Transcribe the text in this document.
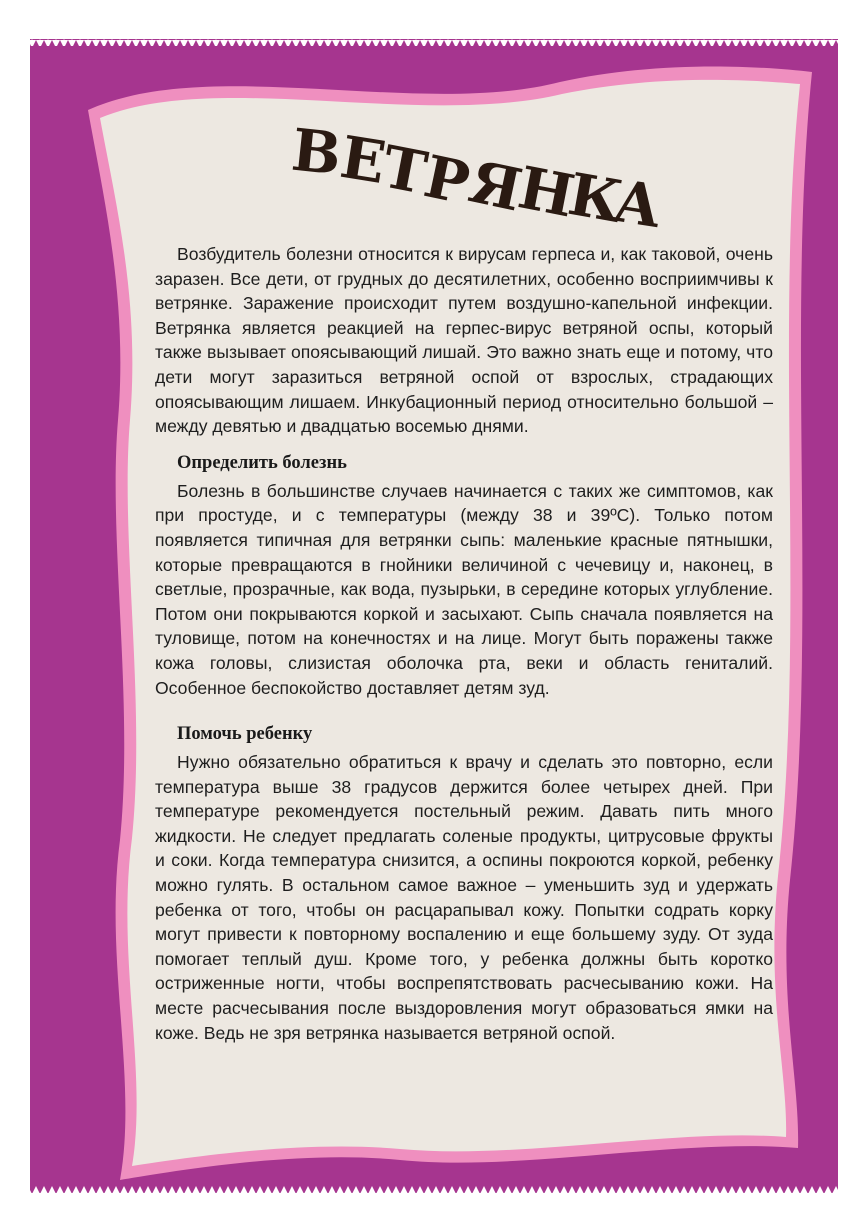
В
Е
Т
Р
Я
Н
К
А

Возбудитель болезни относится к вирусам герпеса и, как таковой, очень заразен. Все дети, от грудных до десятилетних, особенно восприимчивы к ветрянке. Заражение происходит путем воздушно-капельной инфекции. Ветрянка является реакцией на герпес-вирус ветряной оспы, который также вызывает опоясывающий лишай. Это важно знать еще и потому, что дети могут заразиться ветряной оспой от взрослых, страдающих опоясывающим лишаем. Инкубационный период относительно большой – между девятью и двадцатью восемью днями.

Определить болезнь

Болезнь в большинстве случаев начинается с таких же симптомов, как при простуде, и с температуры (между 38 и 39ºС). Только потом появляется типичная для ветрянки сыпь: маленькие красные пятнышки, которые превращаются в гнойники величиной с чечевицу и, наконец, в светлые, прозрачные, как вода, пузырьки, в середине которых углубление. Потом они покрываются коркой и засыхают. Сыпь сначала появляется на туловище, потом на конечностях и на лице. Могут быть поражены также кожа головы, слизистая оболочка рта, веки и область гениталий. Особенное беспокойство доставляет детям зуд.

Помочь ребенку

Нужно обязательно обратиться к врачу и сделать это повторно, если температура выше 38 градусов держится более четырех дней. При температуре рекомендуется постельный режим. Давать пить много жидкости. Не следует предлагать соленые продукты, цитрусовые фрукты и соки. Когда температура снизится, а оспины покроются коркой, ребенку можно гулять. В остальном самое важное – уменьшить зуд и удержать ребенка от того, чтобы он расцарапывал кожу. Попытки содрать корку могут привести к повторному воспалению и еще большему зуду. От зуда помогает теплый душ. Кроме того, у ребенка должны быть коротко остриженные ногти, чтобы воспрепятствовать расчесыванию кожи. На месте расчесывания после выздоровления могут образоваться ямки на коже. Ведь не зря ветрянка называется ветряной оспой.
